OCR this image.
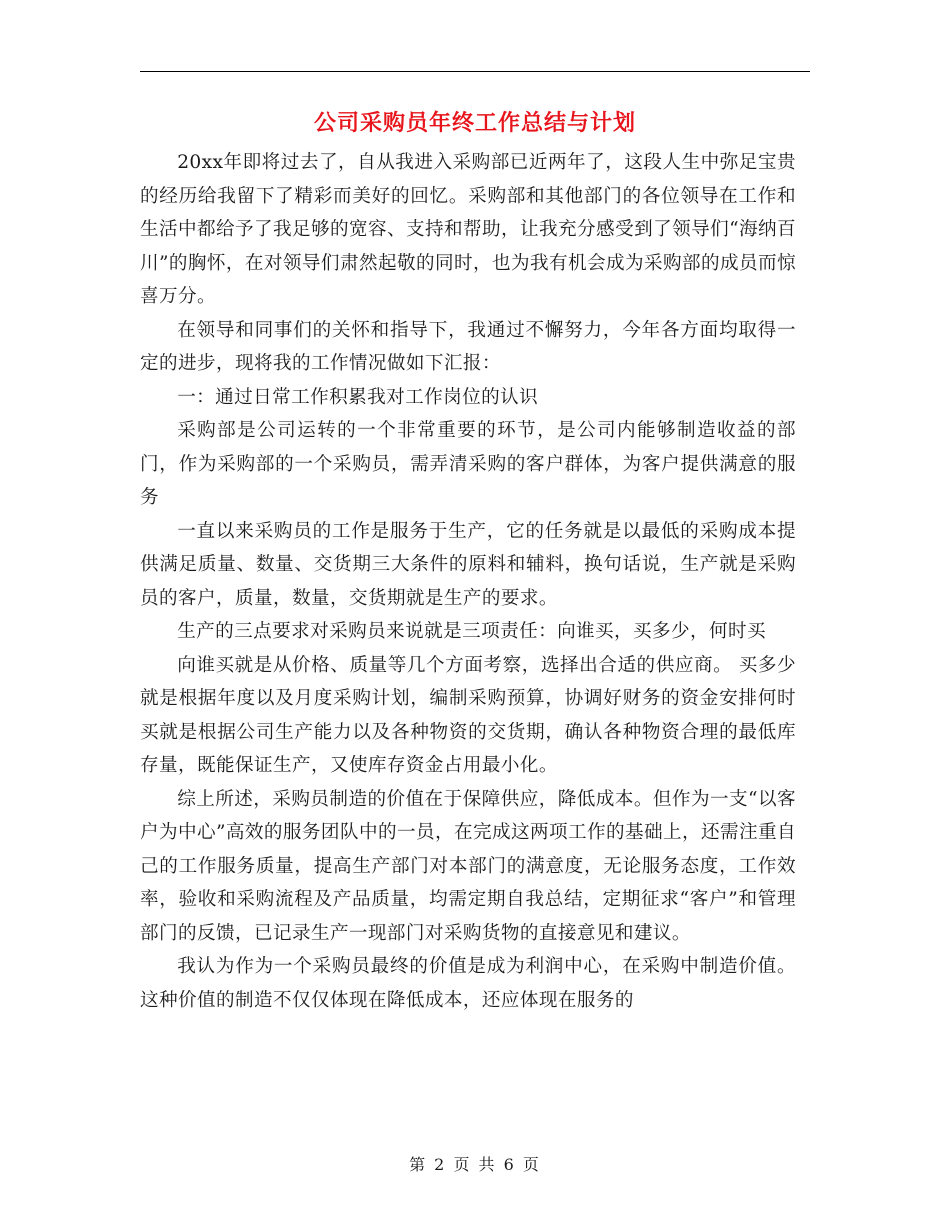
公司采购员年终工作总结与计划

20xx年即将过去了，自从我进入采购部已近两年了，这段人生中弥足宝贵的经历给我留下了精彩而美好的回忆。采购部和其他部门的各位领导在工作和生活中都给予了我足够的宽容、支持和帮助，让我充分感受到了领导们“海纳百川”的胸怀，在对领导们肃然起敬的同时，也为我有机会成为采购部的成员而惊喜万分。

在领导和同事们的关怀和指导下，我通过不懈努力，今年各方面均取得一定的进步，现将我的工作情况做如下汇报：

一：通过日常工作积累我对工作岗位的认识

采购部是公司运转的一个非常重要的环节，是公司内能够制造收益的部门，作为采购部的一个采购员，需弄清采购的客户群体，为客户提供满意的服务

一直以来采购员的工作是服务于生产，它的任务就是以最低的采购成本提供满足质量、数量、交货期三大条件的原料和辅料，换句话说，生产就是采购员的客户，质量，数量，交货期就是生产的要求。

生产的三点要求对采购员来说就是三项责任：向谁买，买多少，何时买

向谁买就是从价格、质量等几个方面考察，选择出合适的供应商。 买多少就是根据年度以及月度采购计划，编制采购预算，协调好财务的资金安排何时买就是根据公司生产能力以及各种物资的交货期，确认各种物资合理的最低库存量，既能保证生产，又使库存资金占用最小化。

综上所述，采购员制造的价值在于保障供应，降低成本。但作为一支“以客户为中心”高效的服务团队中的一员，在完成这两项工作的基础上，还需注重自己的工作服务质量，提高生产部门对本部门的满意度，无论服务态度，工作效率，验收和采购流程及产品质量，均需定期自我总结，定期征求“客户”和管理部门的反馈，已记录生产一现部门对采购货物的直接意见和建议。

我认为作为一个采购员最终的价值是成为利润中心，在采购中制造价值。这种价值的制造不仅仅体现在降低成本，还应体现在服务的

第 2 页 共 6 页
